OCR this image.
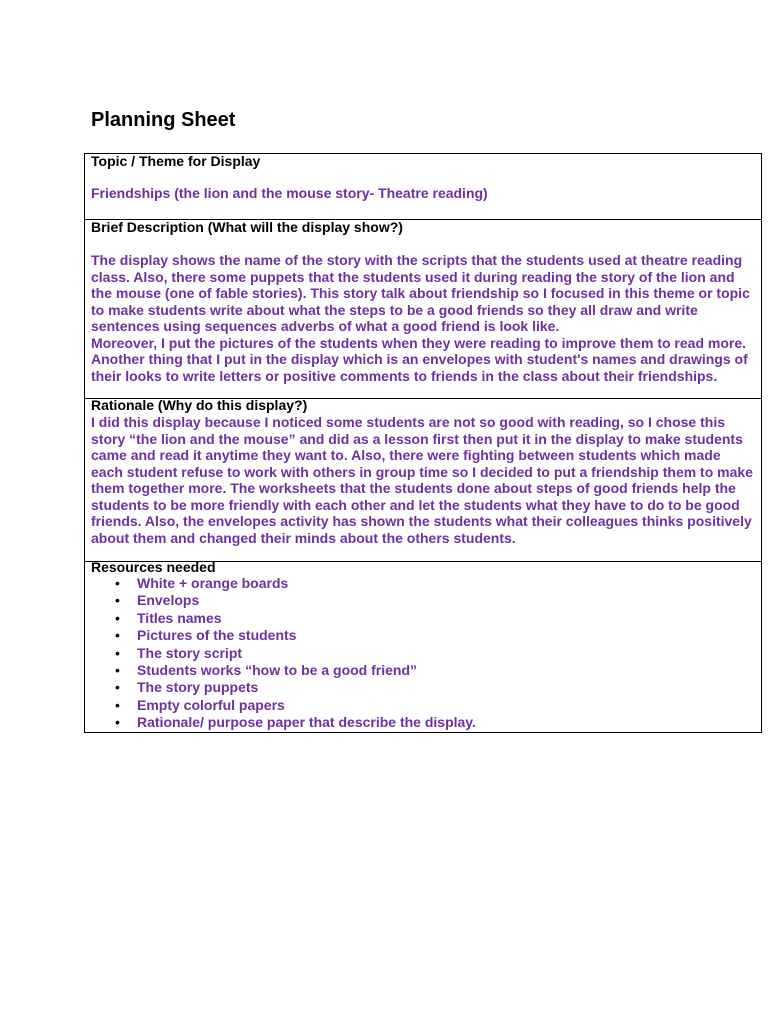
Planning Sheet
Topic / Theme for Display
Friendships (the lion and the mouse story- Theatre reading)

Brief Description (What will the display show?)
The display shows the name of the story with the scripts that the students used at theatre reading class. Also, there some puppets that the students used it during reading the story of the lion and the mouse (one of fable stories). This story talk about friendship so I focused in this theme or topic to make students write about what the steps to be a good friends so they all draw and write sentences using sequences adverbs of what a good friend is look like.
Moreover, I put the pictures of the students when they were reading to improve them to read more. Another thing that I put in the display which is an envelopes with student's names and drawings of their looks to write letters or positive comments to friends in the class about their friendships.

Rationale (Why do this display?)
I did this display because I noticed some students are not so good with reading, so I chose this story “the lion and the mouse” and did as a lesson first then put it in the display to make students came and read it anytime they want to. Also, there were fighting between students which made each student refuse to work with others in group time so I decided to put a friendship them to make them together more. The worksheets that the students done about steps of good friends help the students to be more friendly with each other and let the students what they have to do to be good friends. Also, the envelopes activity has shown the students what their colleagues thinks positively about them and changed their minds about the others students.

Resources needed
• White + orange boards
• Envelops
• Titles names
• Pictures of the students
• The story script
• Students works “how to be a good friend”
• The story puppets
• Empty colorful papers
• Rationale/ purpose paper that describe the display.
